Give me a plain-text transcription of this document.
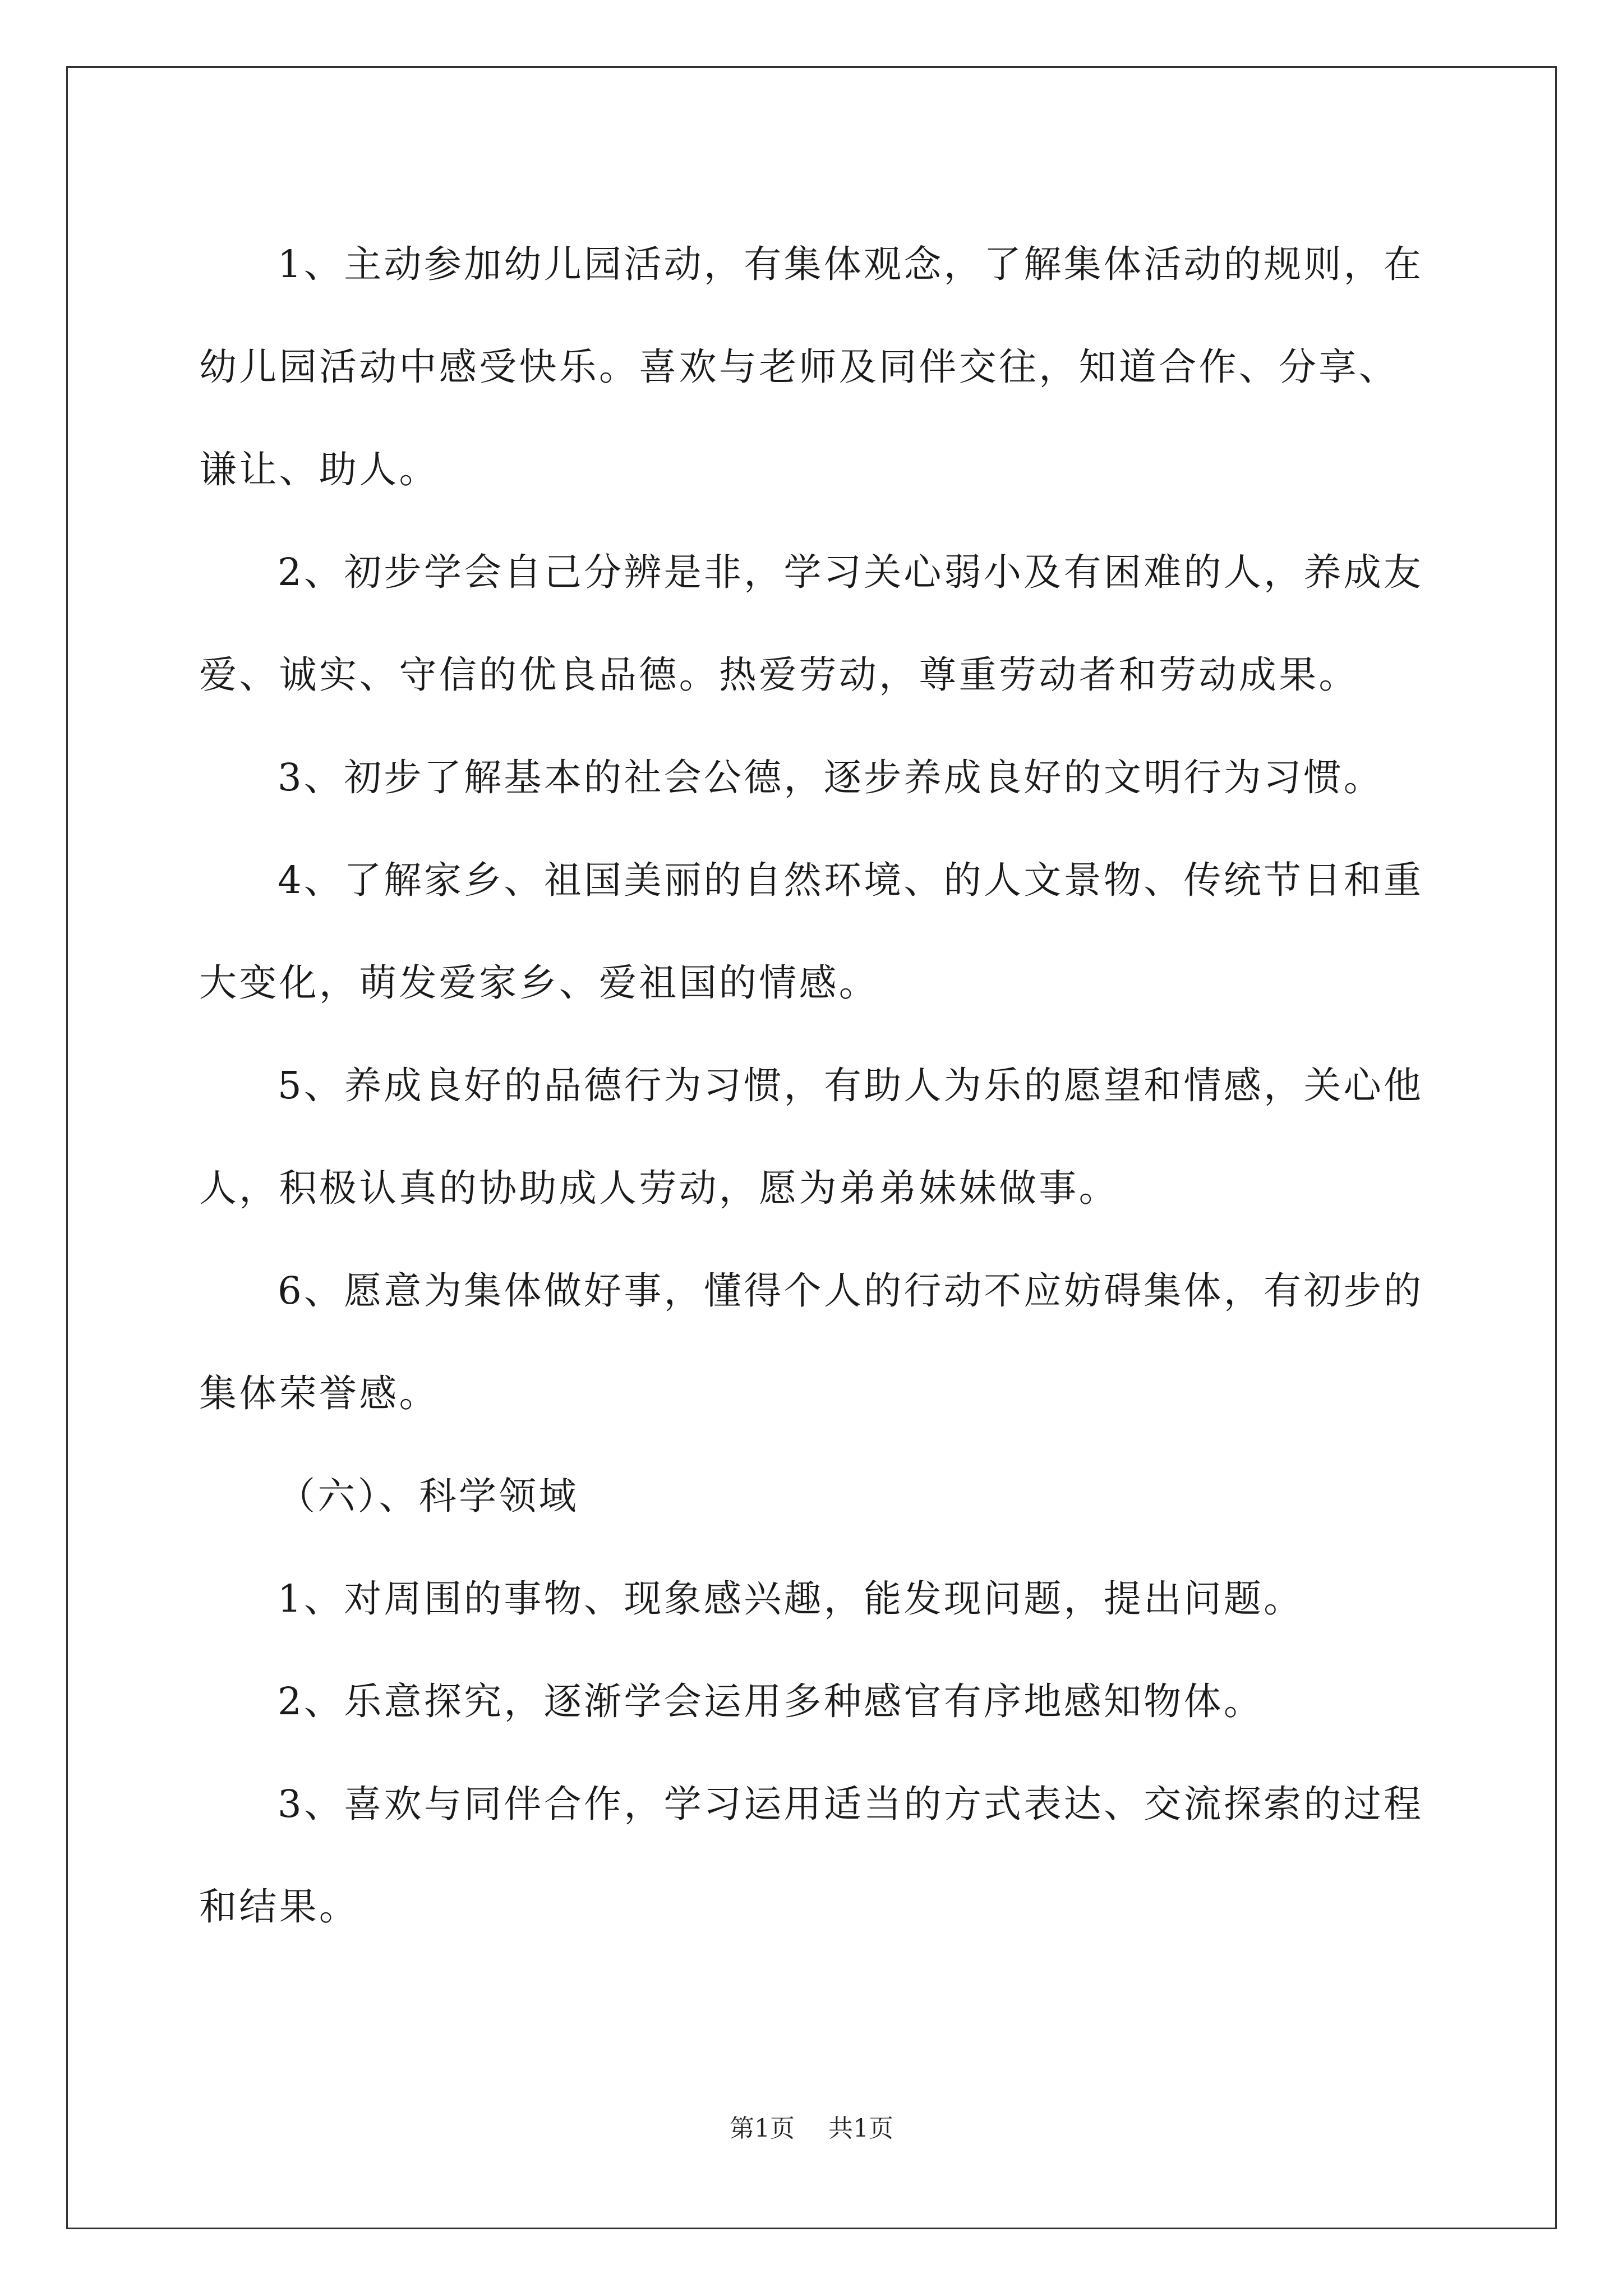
1、主动参加幼儿园活动，有集体观念，了解集体活动的规则，在幼儿园活动中感受快乐。喜欢与老师及同伴交往，知道合作、分享、谦让、助人。

2、初步学会自己分辨是非，学习关心弱小及有困难的人，养成友爱、诚实、守信的优良品德。热爱劳动，尊重劳动者和劳动成果。

3、初步了解基本的社会公德，逐步养成良好的文明行为习惯。

4、了解家乡、祖国美丽的自然环境、的人文景物、传统节日和重大变化，萌发爱家乡、爱祖国的情感。

5、养成良好的品德行为习惯，有助人为乐的愿望和情感，关心他人，积极认真的协助成人劳动，愿为弟弟妹妹做事。

6、愿意为集体做好事，懂得个人的行动不应妨碍集体，有初步的集体荣誉感。

（六）、科学领域

1、对周围的事物、现象感兴趣，能发现问题，提出问题。

2、乐意探究，逐渐学会运用多种感官有序地感知物体。

3、喜欢与同伴合作，学习运用适当的方式表达、交流探索的过程和结果。

第1页 共1页
